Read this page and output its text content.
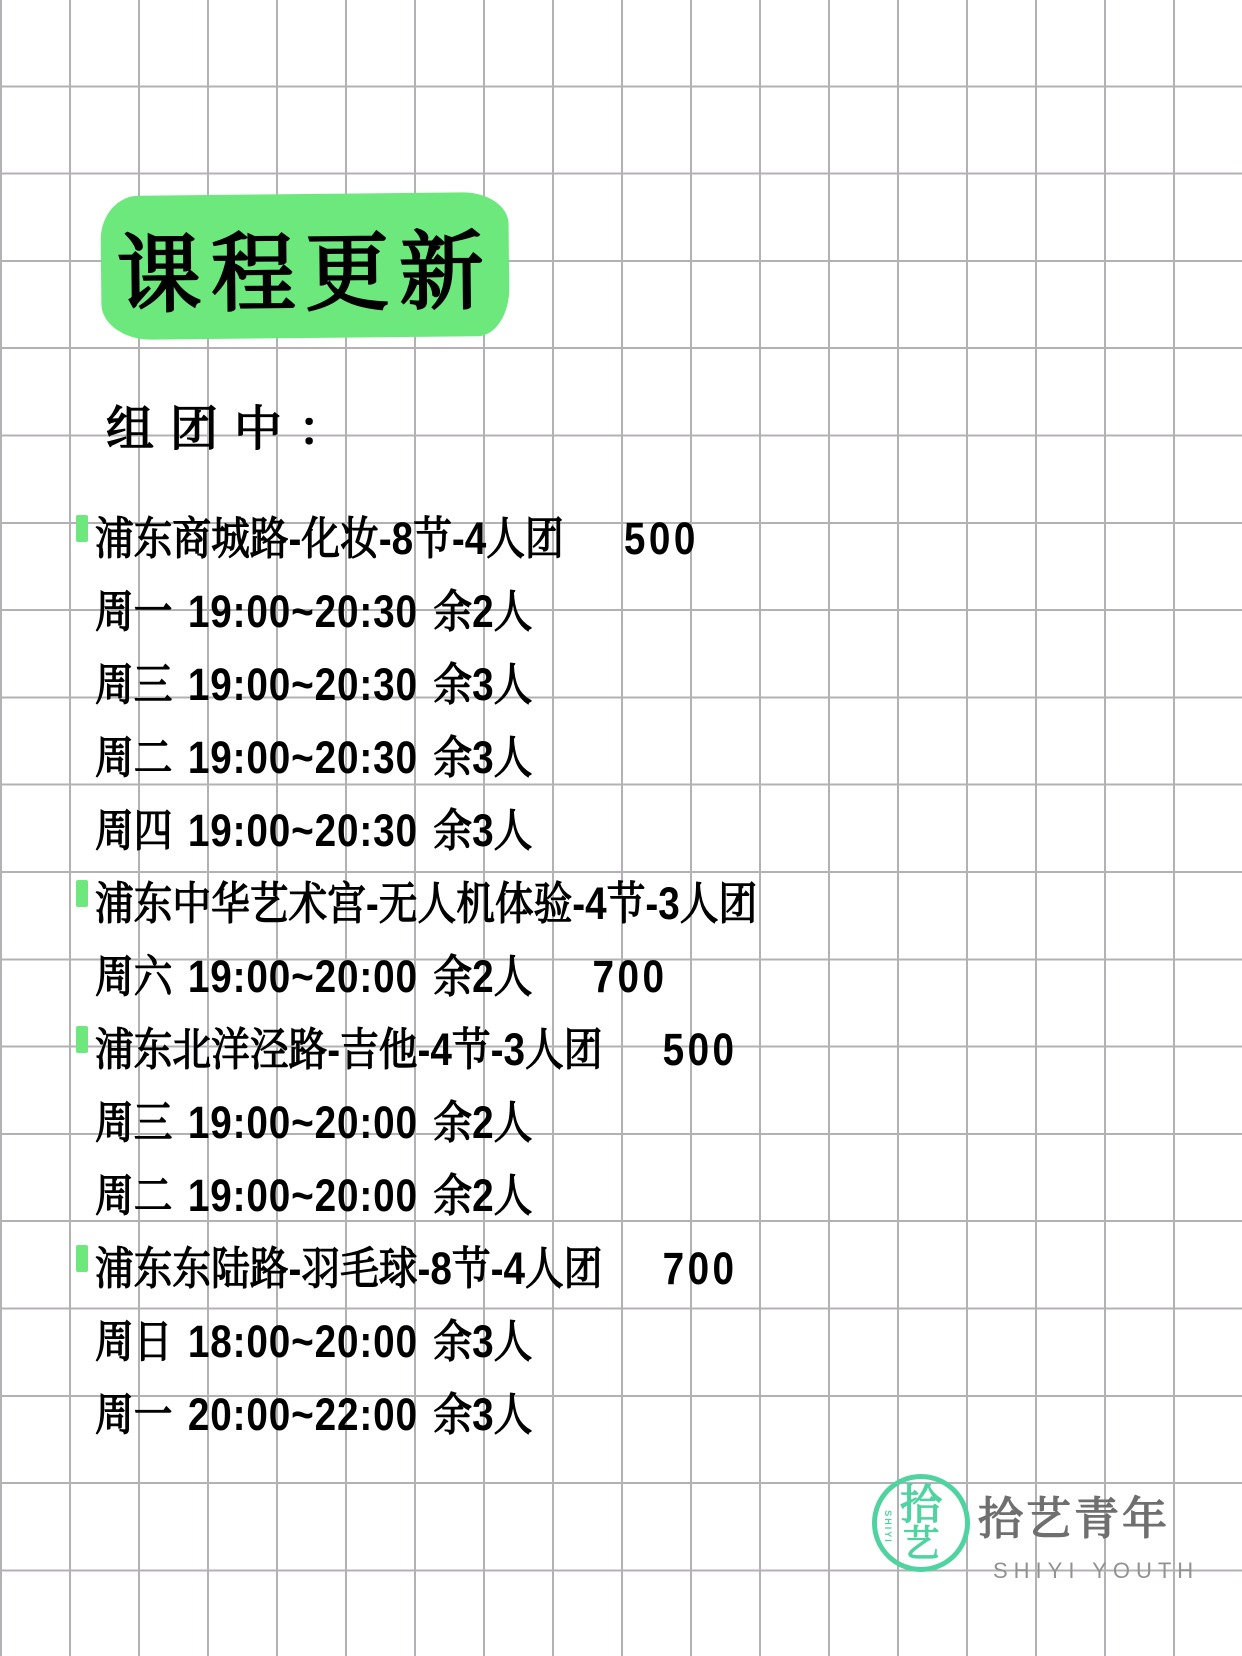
课程更新
组团中：
浦东商城路-化妆-8节-4人团 500
周一 19:00~20:30 余2人
周三 19:00~20:30 余3人
周二 19:00~20:30 余3人
周四 19:00~20:30 余3人
浦东中华艺术宫-无人机体验-4节-3人团
周六 19:00~20:00 余2人 700
浦东北洋泾路-吉他-4节-3人团 500
周三 19:00~20:00 余2人
周二 19:00~20:00 余2人
浦东东陆路-羽毛球-8节-4人团 700
周日 18:00~20:00 余3人
周一 20:00~22:00 余3人
SHIYI 拾
艺 拾艺青年
SHIYI YOUTH
